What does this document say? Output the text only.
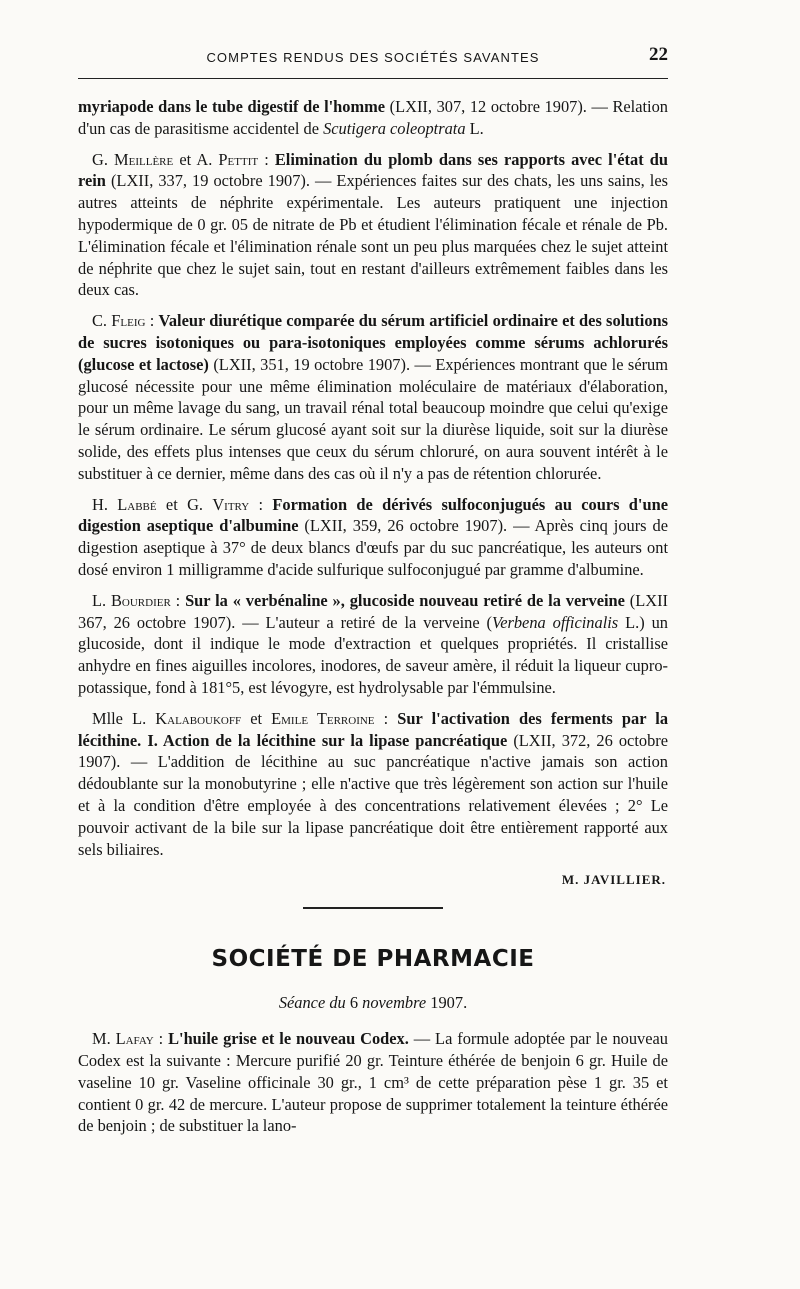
COMPTES RENDUS DES SOCIÉTÉS SAVANTES	22

myriapode dans le tube digestif de l'homme (LXII, 307, 12 octobre 1907). — Relation d'un cas de parasitisme accidentel de Scutigera coleoptrata L.

G. Meillère et A. Pettit : Elimination du plomb dans ses rapports avec l'état du rein (LXII, 337, 19 octobre 1907). — Expériences faites sur des chats, les uns sains, les autres atteints de néphrite expérimentale. Les auteurs pratiquent une injection hypodermique de 0 gr. 05 de nitrate de Pb et étudient l'élimination fécale et rénale de Pb. L'élimination fécale et l'élimination rénale sont un peu plus marquées chez le sujet atteint de néphrite que chez le sujet sain, tout en restant d'ailleurs extrêmement faibles dans les deux cas.

C. Fleig : Valeur diurétique comparée du sérum artificiel ordinaire et des solutions de sucres isotoniques ou para-isotoniques employées comme sérums achlorurés (glucose et lactose) (LXII, 351, 19 octobre 1907). — Expériences montrant que le sérum glucosé nécessite pour une même élimination moléculaire de matériaux d'élaboration, pour un même lavage du sang, un travail rénal total beaucoup moindre que celui qu'exige le sérum ordinaire. Le sérum glucosé ayant soit sur la diurèse liquide, soit sur la diurèse solide, des effets plus intenses que ceux du sérum chloruré, on aura souvent intérêt à le substituer à ce dernier, même dans des cas où il n'y a pas de rétention chlorurée.

H. Labbé et G. Vitry : Formation de dérivés sulfoconjugués au cours d'une digestion aseptique d'albumine (LXII, 359, 26 octobre 1907). — Après cinq jours de digestion aseptique à 37° de deux blancs d'œufs par du suc pancréatique, les auteurs ont dosé environ 1 milligramme d'acide sulfurique sulfoconjugué par gramme d'albumine.

L. Bourdier : Sur la « verbénaline », glucoside nouveau retiré de la verveine (LXII 367, 26 octobre 1907). — L'auteur a retiré de la verveine (Verbena officinalis L.) un glucoside, dont il indique le mode d'extraction et quelques propriétés. Il cristallise anhydre en fines aiguilles incolores, inodores, de saveur amère, il réduit la liqueur cupro-potassique, fond à 181°5, est lévogyre, est hydrolysable par l'émmulsine.

Mlle L. Kalaboukoff et Emile Terroine : Sur l'activation des ferments par la lécithine. I. Action de la lécithine sur la lipase pancréatique (LXII, 372, 26 octobre 1907). — L'addition de lécithine au suc pancréatique n'active jamais son action dédoublante sur la monobutyrine ; elle n'active que très légèrement son action sur l'huile et à la condition d'être employée à des concentrations relativement élevées ; 2° Le pouvoir activant de la bile sur la lipase pancréatique doit être entièrement rapporté aux sels biliaires.

M. JAVILLIER.
SOCIÉTÉ DE PHARMACIE
Séance du 6 novembre 1907.

M. Lafay : L'huile grise et le nouveau Codex. — La formule adoptée par le nouveau Codex est la suivante : Mercure purifié 20 gr. Teinture éthérée de benjoin 6 gr. Huile de vaseline 10 gr. Vaseline officinale 30 gr., 1 cm³ de cette préparation pèse 1 gr. 35 et contient 0 gr. 42 de mercure. L'auteur propose de supprimer totalement la teinture éthérée de benjoin ; de substituer la lano-
